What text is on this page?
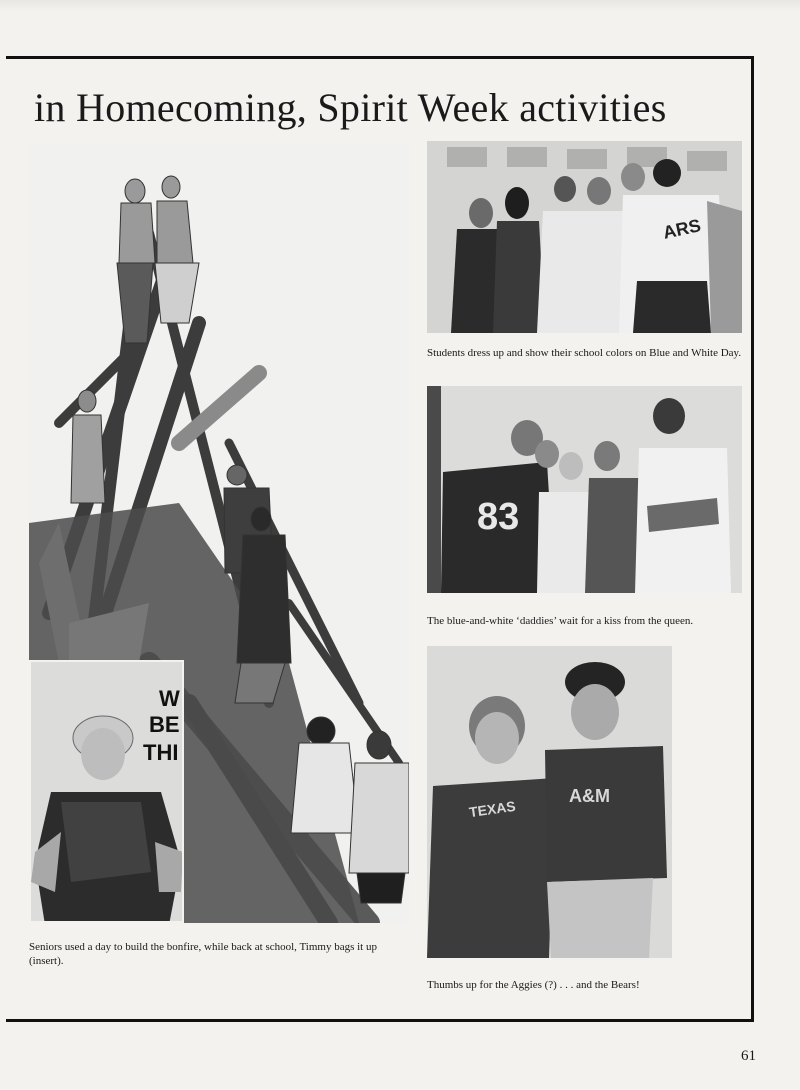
in Homecoming, Spirit Week activities
W
BE
THI
Seniors used a day to build the bonfire, while back at school, Timmy bags it up (insert).
ARS
Students dress up and show their school colors on Blue and White Day.
83
The blue-and-white ‘daddies’ wait for a kiss from the queen.
TEXAS
A&M
Thumbs up for the Aggies (?) . . . and the Bears!
61
